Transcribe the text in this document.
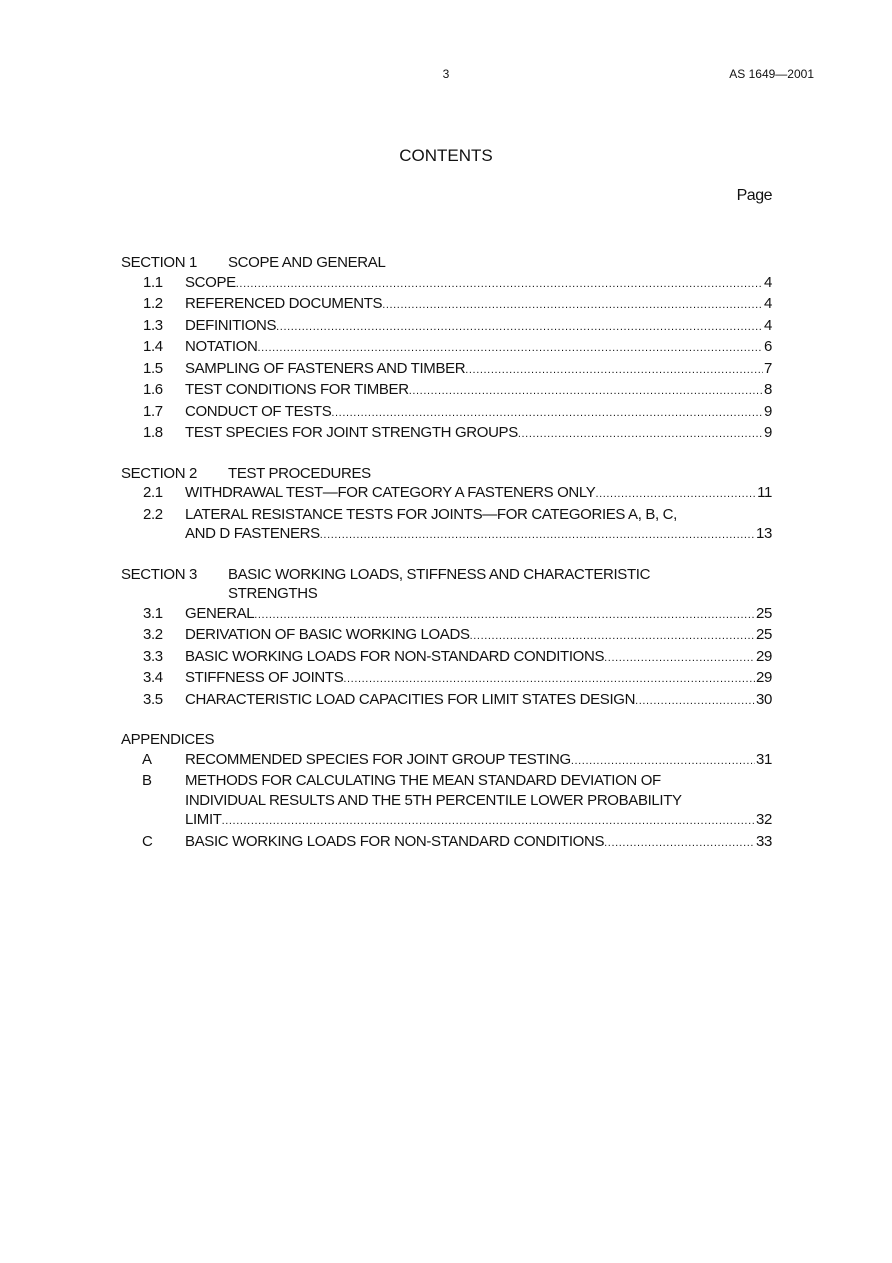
3	AS 1649—2001
CONTENTS
Page
SECTION 1	SCOPE AND GENERAL
1.1	SCOPE .....	4
1.2	REFERENCED DOCUMENTS .....	4
1.3	DEFINITIONS .....	4
1.4	NOTATION .....	6
1.5	SAMPLING OF FASTENERS AND TIMBER .....	7
1.6	TEST CONDITIONS FOR TIMBER .....	8
1.7	CONDUCT OF TESTS .....	9
1.8	TEST SPECIES FOR JOINT STRENGTH GROUPS .....	9
SECTION 2	TEST PROCEDURES
2.1	WITHDRAWAL TEST—FOR CATEGORY A FASTENERS ONLY .....	11
2.2	LATERAL RESISTANCE TESTS FOR JOINTS—FOR CATEGORIES A, B, C,
AND D FASTENERS .....	13
SECTION 3	BASIC WORKING LOADS, STIFFNESS AND CHARACTERISTIC
STRENGTHS
3.1	GENERAL .....	25
3.2	DERIVATION OF BASIC WORKING LOADS .....	25
3.3	BASIC WORKING LOADS FOR NON-STANDARD CONDITIONS .....	29
3.4	STIFFNESS OF JOINTS .....	29
3.5	CHARACTERISTIC LOAD CAPACITIES FOR LIMIT STATES DESIGN .....	30
APPENDICES
A	RECOMMENDED SPECIES FOR JOINT GROUP TESTING .....	31
B	METHODS FOR CALCULATING THE MEAN STANDARD DEVIATION OF
INDIVIDUAL RESULTS AND THE 5TH PERCENTILE LOWER PROBABILITY
LIMIT .....	32
C	BASIC WORKING LOADS FOR NON-STANDARD CONDITIONS .....	33
